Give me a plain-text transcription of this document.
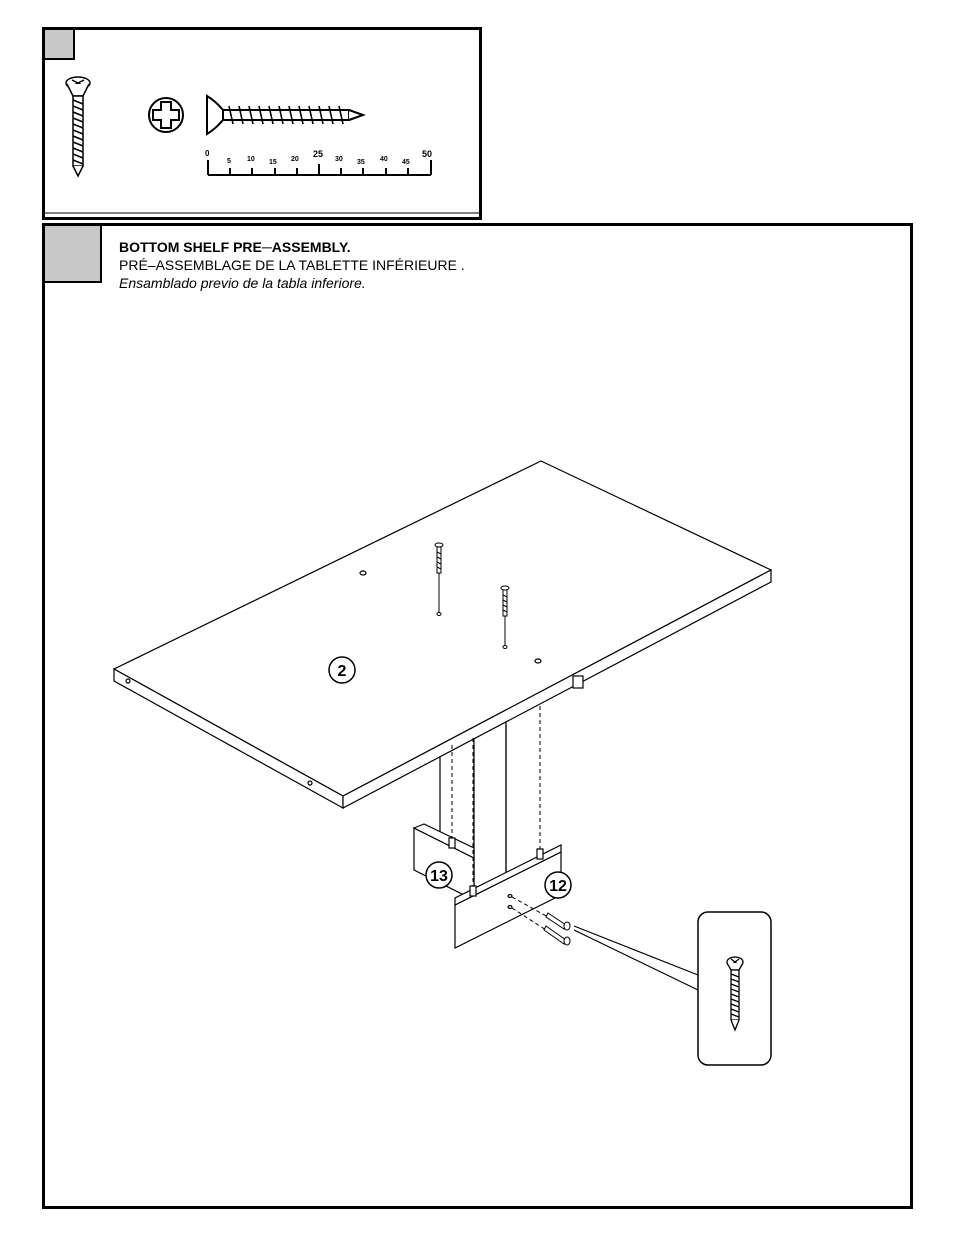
0
5 10 15 20
25
30 35 40 45
50
BOTTOM SHELF PRE─ASSEMBLY.
PRÉ–ASSEMBLAGE DE LA TABLETTE INFÉRIEURE .
Ensamblado previo de la tabla inferiore.
2
13
12
